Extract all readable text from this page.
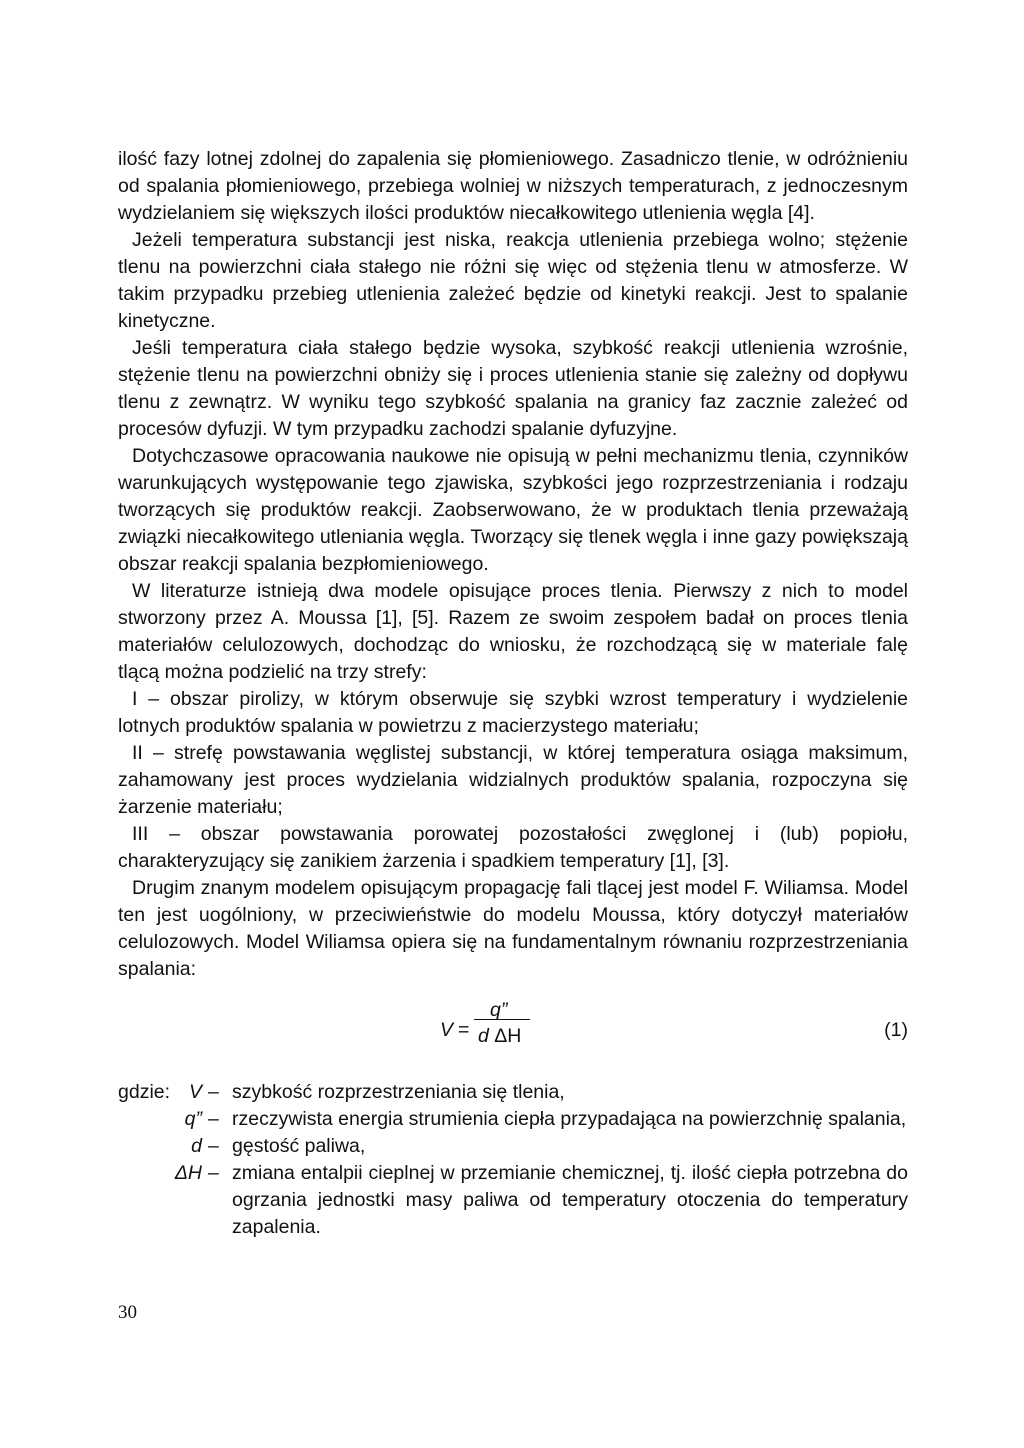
ilość fazy lotnej zdolnej do zapalenia się płomieniowego. Zasadniczo tlenie, w odróżnieniu od spalania płomieniowego, przebiega wolniej w niższych temperaturach, z jednoczesnym wydzielaniem się większych ilości produktów niecałkowitego utlenienia węgla [4].

Jeżeli temperatura substancji jest niska, reakcja utlenienia przebiega wolno; stężenie tlenu na powierzchni ciała stałego nie różni się więc od stężenia tlenu w atmosferze. W takim przypadku przebieg utlenienia zależeć będzie od kinetyki reakcji. Jest to spalanie kinetyczne.

Jeśli temperatura ciała stałego będzie wysoka, szybkość reakcji utlenienia wzrośnie, stężenie tlenu na powierzchni obniży się i proces utlenienia stanie się zależny od dopływu tlenu z zewnątrz. W wyniku tego szybkość spalania na granicy faz zacznie zależeć od procesów dyfuzji. W tym przypadku zachodzi spalanie dyfuzyjne.

Dotychczasowe opracowania naukowe nie opisują w pełni mechanizmu tlenia, czynników warunkujących występowanie tego zjawiska, szybkości jego rozprzestrzeniania i rodzaju tworzących się produktów reakcji. Zaobserwowano, że w produktach tlenia przeważają związki niecałkowitego utleniania węgla. Tworzący się tlenek węgla i inne gazy powiększają obszar reakcji spalania bezpłomieniowego.

W literaturze istnieją dwa modele opisujące proces tlenia. Pierwszy z nich to model stworzony przez A. Moussa [1], [5]. Razem ze swoim zespołem badał on proces tlenia materiałów celulozowych, dochodząc do wniosku, że rozchodzącą się w materiale falę tlącą można podzielić na trzy strefy:

I – obszar pirolizy, w którym obserwuje się szybki wzrost temperatury i wydzielenie lotnych produktów spalania w powietrzu z macierzystego materiału;

II – strefę powstawania węglistej substancji, w której temperatura osiąga maksimum, zahamowany jest proces wydzielania widzialnych produktów spalania, rozpoczyna się żarzenie materiału;

III – obszar powstawania porowatej pozostałości zwęglonej i (lub) popiołu, charakteryzujący się zanikiem żarzenia i spadkiem temperatury [1], [3].

Drugim znanym modelem opisującym propagację fali tlącej jest model F. Wiliamsa. Model ten jest uogólniony, w przeciwieństwie do modelu Moussa, który dotyczył materiałów celulozowych. Model Wiliamsa opiera się na fundamentalnym równaniu rozprzestrzeniania spalania:

V =
q”
d ΔH	(1)
gdzie: V – szybkość rozprzestrzeniania się tlenia,
q” – rzeczywista energia strumienia ciepła przypadająca na powierzchnię spalania,
d – gęstość paliwa,
ΔH – zmiana entalpii cieplnej w przemianie chemicznej, tj. ilość ciepła potrzebna do ogrzania jednostki masy paliwa od temperatury otoczenia do temperatury zapalenia.
30
